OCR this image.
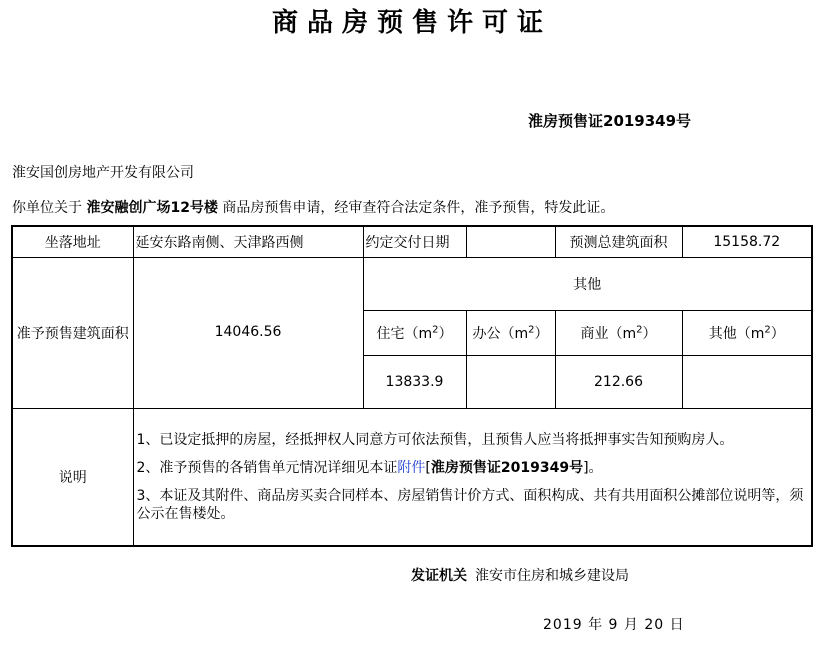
商品房预售许可证
淮房预售证2019349号
淮安国创房地产开发有限公司
你单位关于 淮安融创广场12号楼 商品房预售申请，经审查符合法定条件，准予预售，特发此证。
坐落地址	延安东路南侧、天津路西侧	约定交付日期		预测总建筑面积	15158.72
准予预售建筑面积	14046.56	其他			
		住宅$(m^2)$	办公$(m^2)$	商业$(m^2)$	其他$(m^2)$
		13833.9		212.66	
说明	1、已设定抵押的房屋，经抵押权人同意方可依法预售，且预售人应当将抵押事实告知预购房人。

2、准予预售的各销售单元情况详细见本证附件[淮房预售证2019349号]。

3、本证及其附件、商品房买卖合同样本、房屋销售计价方式、面积构成、共有共用面积公摊部位说明等，须公示在售楼处。				

发证机关 淮安市住房和城乡建设局
2019 年 9 月 20 日
